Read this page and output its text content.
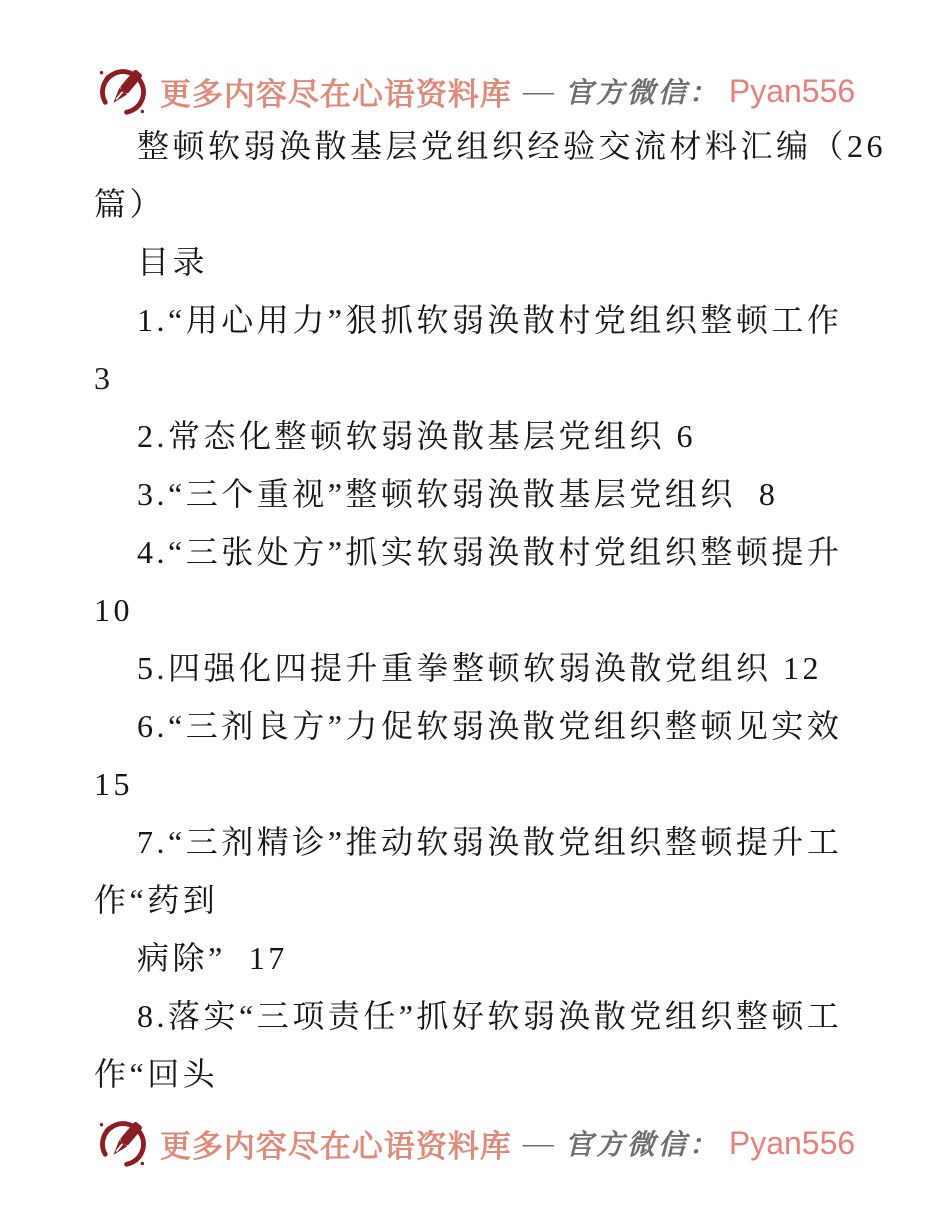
更多内容尽在心语资料库 — 官方微信： Pyan556
整顿软弱涣散基层党组织经验交流材料汇编（26
篇）
目录
1.“用心用力”狠抓软弱涣散村党组织整顿工作
3
2.常态化整顿软弱涣散基层党组织 6
3.“三个重视”整顿软弱涣散基层党组织  8
4.“三张处方”抓实软弱涣散村党组织整顿提升
10
5.四强化四提升重拳整顿软弱涣散党组织 12
6.“三剂良方”力促软弱涣散党组织整顿见实效
15
7.“三剂精诊”推动软弱涣散党组织整顿提升工
作“药到
病除”  17
8.落实“三项责任”抓好软弱涣散党组织整顿工
作“回头
更多内容尽在心语资料库 — 官方微信： Pyan556
